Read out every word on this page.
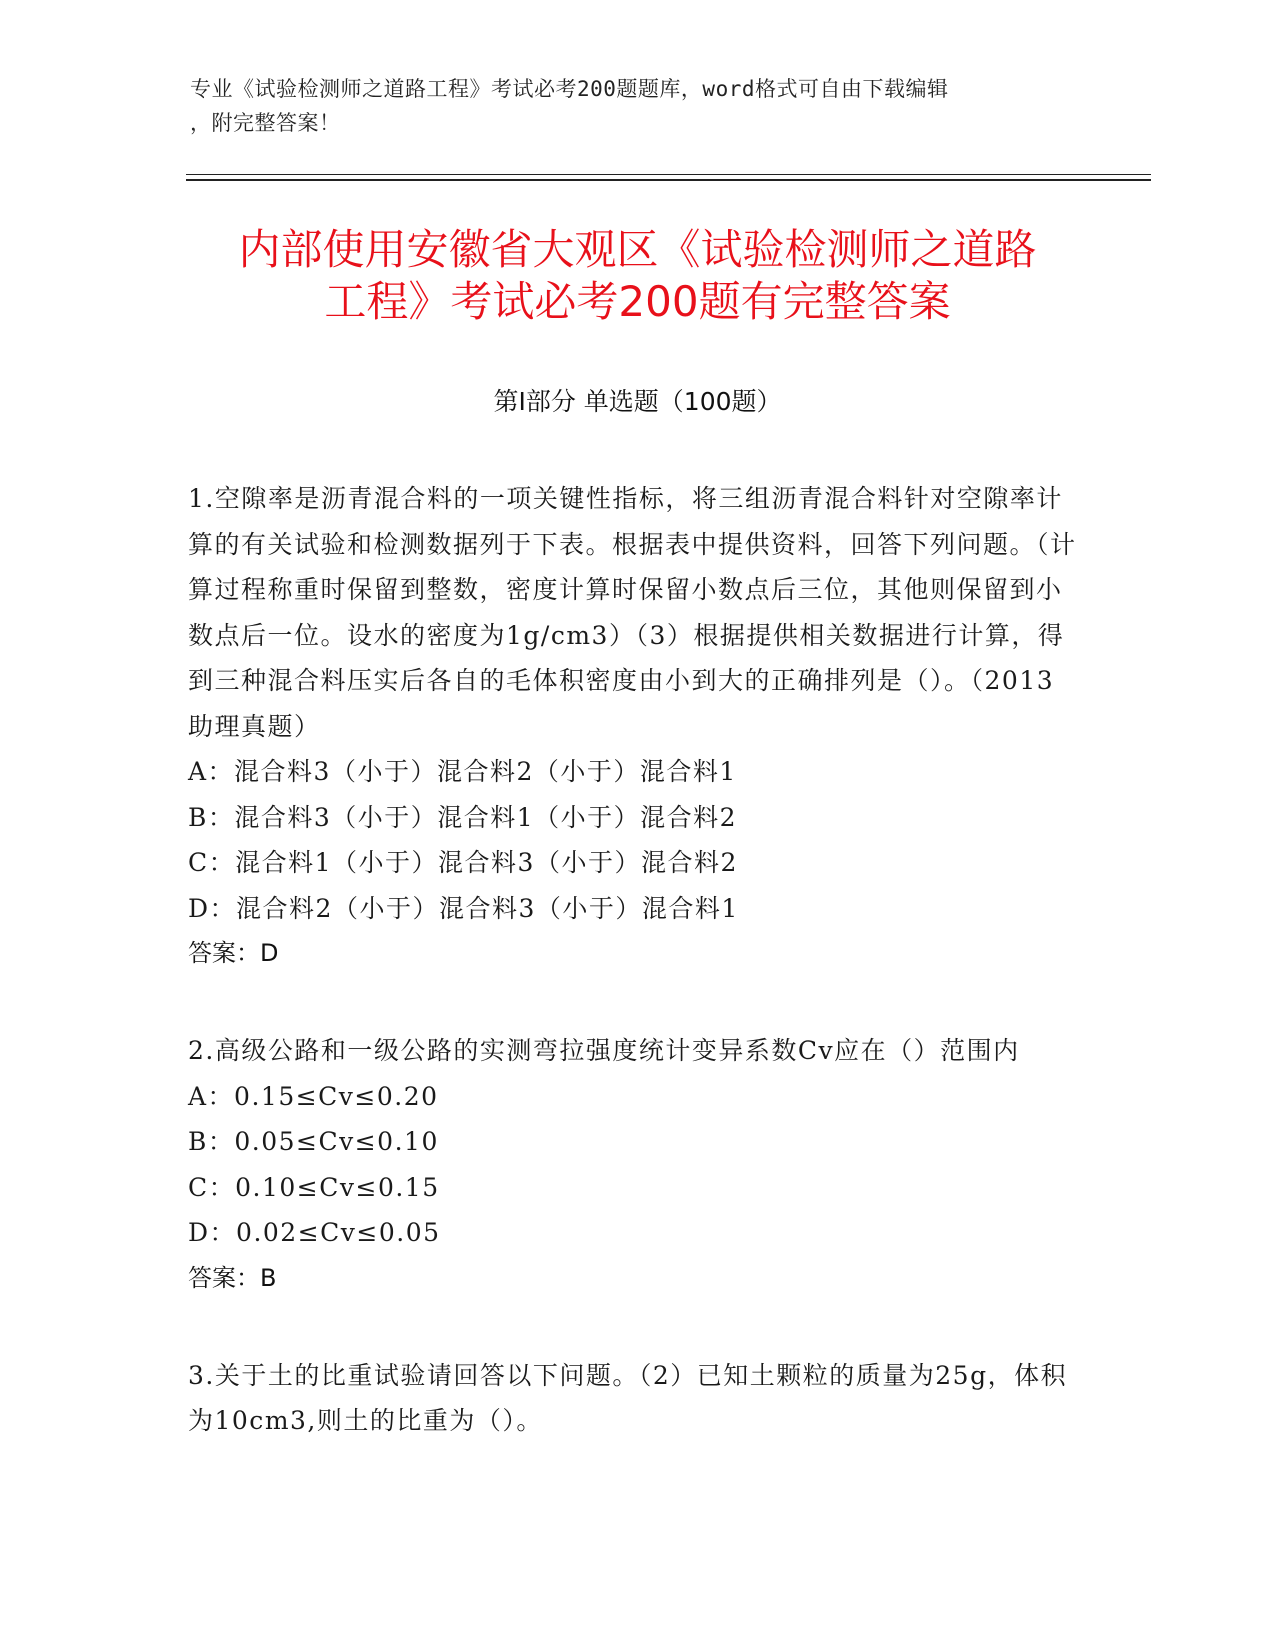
专业《试验检测师之道路工程》考试必考200题题库，word格式可自由下载编辑
，附完整答案！
内部使用安徽省大观区《试验检测师之道路
工程》考试必考200题有完整答案
第Ⅰ部分 单选题（100题）
1.空隙率是沥青混合料的一项关键性指标，将三组沥青混合料针对空隙率计算的有关试验和检测数据列于下表。根据表中提供资料，回答下列问题。（计算过程称重时保留到整数，密度计算时保留小数点后三位，其他则保留到小数点后一位。设水的密度为1g/cm3）（3）根据提供相关数据进行计算，得到三种混合料压实后各自的毛体积密度由小到大的正确排列是（）。（2013助理真题）
A：混合料3（小于）混合料2（小于）混合料1
B：混合料3（小于）混合料1（小于）混合料2
C：混合料1（小于）混合料3（小于）混合料2
D：混合料2（小于）混合料3（小于）混合料1
答案：D
2.高级公路和一级公路的实测弯拉强度统计变异系数Cv应在（）范围内
A：0.15≤Cv≤0.20
B：0.05≤Cv≤0.10
C：0.10≤Cv≤0.15
D：0.02≤Cv≤0.05
答案：B
3.关于土的比重试验请回答以下问题。（2）已知土颗粒的质量为25g，体积为10cm3,则土的比重为（）。
